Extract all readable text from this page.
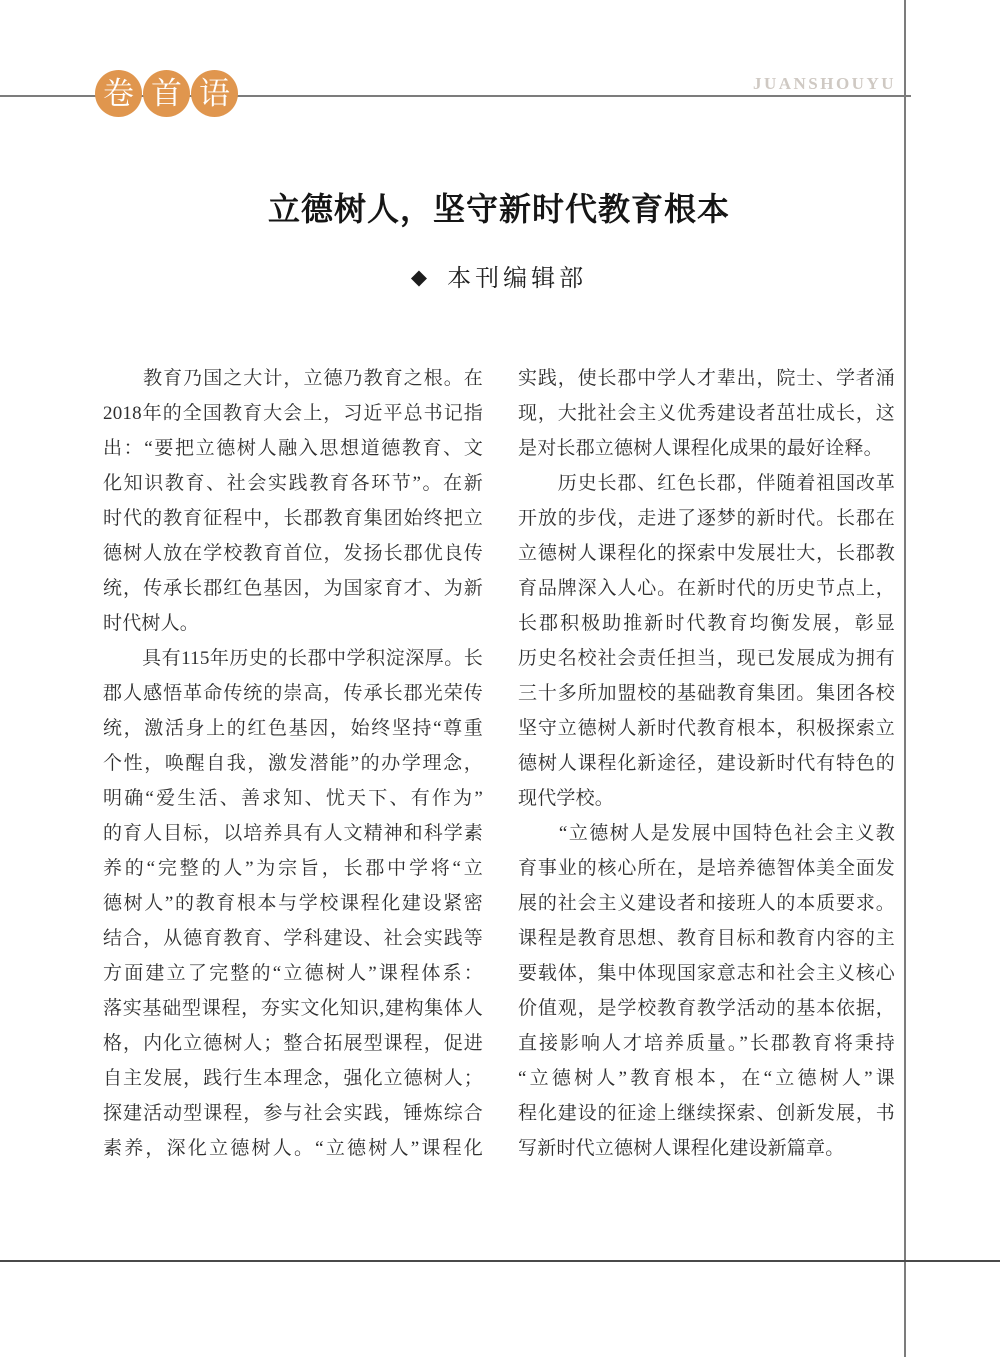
卷 首 语	JUANSHOUYU
立德树人，坚守新时代教育根本
◆ 本刊编辑部
　　教育乃国之大计，立德乃教育之根。在
2018年的全国教育大会上，习近平总书记指
出：“要把立德树人融入思想道德教育、文
化知识教育、社会实践教育各环节”。在新
时代的教育征程中，长郡教育集团始终把立
德树人放在学校教育首位，发扬长郡优良传
统，传承长郡红色基因，为国家育才、为新
时代树人。
　　具有115年历史的长郡中学积淀深厚。长
郡人感悟革命传统的崇高，传承长郡光荣传
统，激活身上的红色基因，始终坚持“尊重
个性，唤醒自我，激发潜能”的办学理念，
明确“爱生活、善求知、忧天下、有作为”
的育人目标，以培养具有人文精神和科学素
养的“完整的人”为宗旨，长郡中学将“立
德树人”的教育根本与学校课程化建设紧密
结合，从德育教育、学科建设、社会实践等
方面建立了完整的“立德树人”课程体系：
落实基础型课程，夯实文化知识,建构集体人
格，内化立德树人；整合拓展型课程，促进
自主发展，践行生本理念，强化立德树人；
探建活动型课程，参与社会实践，锤炼综合
素养，深化立德树人。“立德树人”课程化
实践，使长郡中学人才辈出，院士、学者涌
现，大批社会主义优秀建设者茁壮成长，这
是对长郡立德树人课程化成果的最好诠释。
　　历史长郡、红色长郡，伴随着祖国改革
开放的步伐，走进了逐梦的新时代。长郡在
立德树人课程化的探索中发展壮大，长郡教
育品牌深入人心。在新时代的历史节点上，
长郡积极助推新时代教育均衡发展，彰显
历史名校社会责任担当，现已发展成为拥有
三十多所加盟校的基础教育集团。集团各校
坚守立德树人新时代教育根本，积极探索立
德树人课程化新途径，建设新时代有特色的
现代学校。
　　“立德树人是发展中国特色社会主义教
育事业的核心所在，是培养德智体美全面发
展的社会主义建设者和接班人的本质要求。
课程是教育思想、教育目标和教育内容的主
要载体，集中体现国家意志和社会主义核心
价值观，是学校教育教学活动的基本依据，
直接影响人才培养质量。”长郡教育将秉持
“立德树人”教育根本，在“立德树人”课
程化建设的征途上继续探索、创新发展，书
写新时代立德树人课程化建设新篇章。
